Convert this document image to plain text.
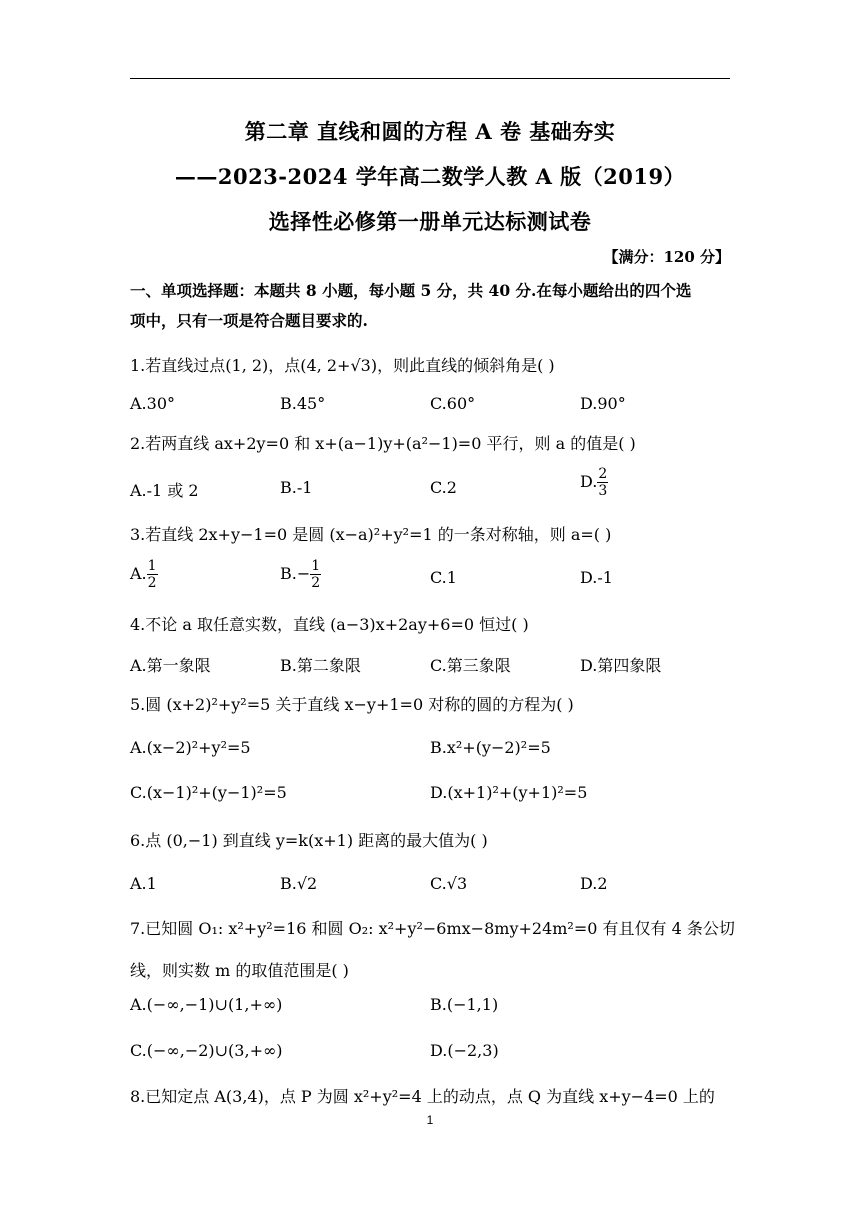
第二章 直线和圆的方程 A 卷 基础夯实
——2023-2024 学年高二数学人教 A 版（2019）
选择性必修第一册单元达标测试卷
【满分：120 分】
一、单项选择题：本题共 8 小题，每小题 5 分，共 40 分.在每小题给出的四个选
项中，只有一项是符合题目要求的.
1.若直线过点(1, 2)，点(4, 2+√3)，则此直线的倾斜角是( )
A.30°	B.45°	C.60°	D.90°
2.若两直线 ax+2y=0 和 x+(a−1)y+(a²−1)=0 平行，则 a 的值是( )
A.-1 或 2	B.-1	C.2	D. $\frac{2}{3}$
3.若直线 2x+y−1=0 是圆 (x−a)²+y²=1 的一条对称轴，则 a=( )
A. $\frac{1}{2}$	$B.- \frac{1}{2}$	C.1	D.-1
4.不论 a 取任意实数，直线 (a−3)x+2ay+6=0 恒过( )
A.第一象限	B.第二象限	C.第三象限	D.第四象限
5.圆 (x+2)²+y²=5 关于直线 x−y+1=0 对称的圆的方程为( )
A.(x−2)²+y²=5	B.x²+(y−2)²=5
C.(x−1)²+(y−1)²=5	D.(x+1)²+(y+1)²=5
6.点 (0,−1) 到直线 y=k(x+1) 距离的最大值为( )
A.1	B.√2	C.√3	D.2
7.已知圆 O₁: x²+y²=16 和圆 O₂: x²+y²−6mx−8my+24m²=0 有且仅有 4 条公切
线，则实数 m 的取值范围是( )
A.(−∞,−1)∪(1,+∞)	B.(−1,1)
C.(−∞,−2)∪(3,+∞)	D.(−2,3)
8.已知定点 A(3,4)，点 P 为圆 x²+y²=4 上的动点，点 Q 为直线 x+y−4=0 上的
1
